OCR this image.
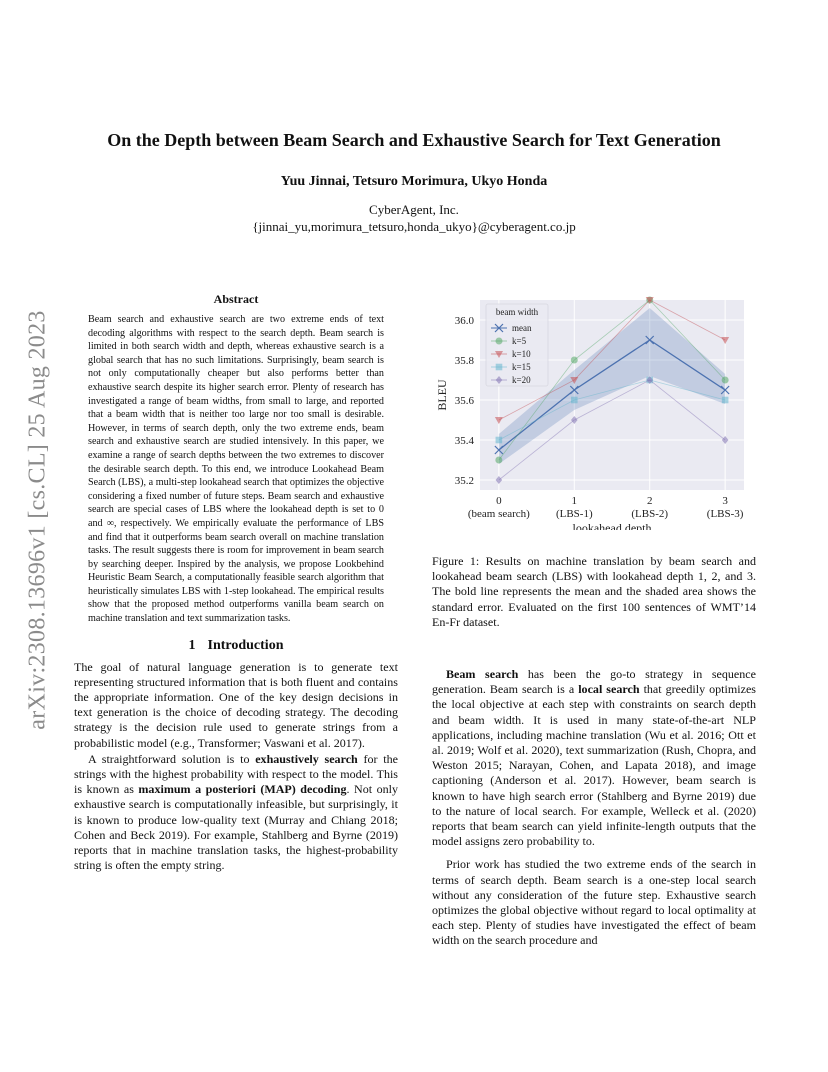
arXiv:2308.13696v1 [cs.CL] 25 Aug 2023
On the Depth between Beam Search and Exhaustive Search for Text Generation
Yuu Jinnai, Tetsuro Morimura, Ukyo Honda
CyberAgent, Inc.
{jinnai_yu,morimura_tetsuro,honda_ukyo}@cyberagent.co.jp
Abstract

Beam search and exhaustive search are two extreme ends of text decoding algorithms with respect to the search depth. Beam search is limited in both search width and depth, whereas exhaustive search is a global search that has no such limitations. Surprisingly, beam search is not only computationally cheaper but also performs better than exhaustive search despite its higher search error. Plenty of research has investigated a range of beam widths, from small to large, and reported that a beam width that is neither too large nor too small is desirable. However, in terms of search depth, only the two extreme ends, beam search and exhaustive search are studied intensively. In this paper, we examine a range of search depths between the two extremes to discover the desirable search depth. To this end, we introduce Lookahead Beam Search (LBS), a multi-step lookahead search that optimizes the objective considering a fixed number of future steps. Beam search and exhaustive search are special cases of LBS where the lookahead depth is set to 0 and ∞, respectively. We empirically evaluate the performance of LBS and find that it outperforms beam search overall on machine translation tasks. The result suggests there is room for improvement in beam search by searching deeper. Inspired by the analysis, we propose Lookbehind Heuristic Beam Search, a computationally feasible search algorithm that heuristically simulates LBS with 1-step lookahead. The empirical results show that the proposed method outperforms vanilla beam search on machine translation and text summarization tasks.

1 Introduction

The goal of natural language generation is to generate text representing structured information that is both fluent and contains the appropriate information. One of the key design decisions in text generation is the choice of decoding strategy. The decoding strategy is the decision rule used to generate strings from a probabilistic model (e.g., Transformer; Vaswani et al. 2017).

A straightforward solution is to exhaustively search for the strings with the highest probability with respect to the model. This is known as maximum a posteriori (MAP) decoding. Not only exhaustive search is computationally infeasible, but surprisingly, it is known to produce low-quality text (Murray and Chiang 2018; Cohen and Beck 2019). For example, Stahlberg and Byrne (2019) reports that in machine translation tasks, the highest-probability string is often the empty string.

35.2
35.4
35.6
35.8
36.0
0
(beam search)
1
(LBS-1)
2
(LBS-2)
3
(LBS-3)
lookahead depth
BLEU
beam width
mean
k=5
k=10
k=15
k=20

Figure 1: Results on machine translation by beam search and lookahead beam search (LBS) with lookahead depth 1, 2, and 3. The bold line represents the mean and the shaded area shows the standard error. Evaluated on the first 100 sentences of WMT’14 En-Fr dataset.

Beam search has been the go-to strategy in sequence generation. Beam search is a local search that greedily optimizes the local objective at each step with constraints on search depth and beam width. It is used in many state-of-the-art NLP applications, including machine translation (Wu et al. 2016; Ott et al. 2019; Wolf et al. 2020), text summarization (Rush, Chopra, and Weston 2015; Narayan, Cohen, and Lapata 2018), and image captioning (Anderson et al. 2017). However, beam search is known to have high search error (Stahlberg and Byrne 2019) due to the nature of local search. For example, Welleck et al. (2020) reports that beam search can yield infinite-length outputs that the model assigns zero probability to.

Prior work has studied the two extreme ends of the search in terms of search depth. Beam search is a one-step local search without any consideration of the future step. Exhaustive search optimizes the global objective without regard to local optimality at each step. Plenty of studies have investigated the effect of beam width on the search procedure and
